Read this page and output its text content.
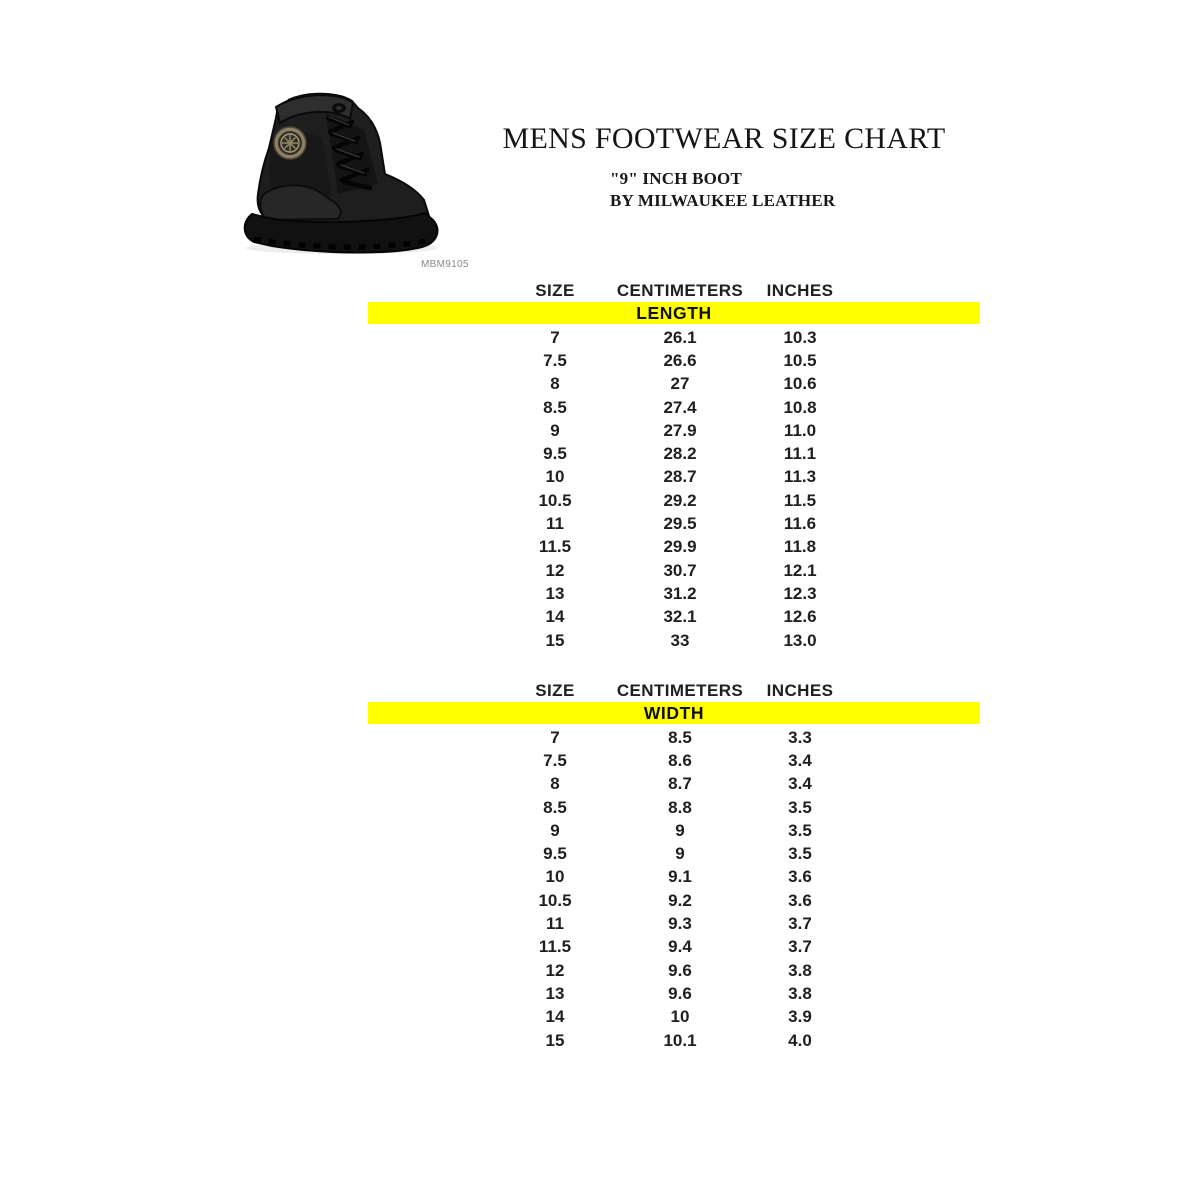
MBM9105
MENS FOOTWEAR SIZE CHART
"9" INCH BOOT
BY MILWAUKEE LEATHER
SIZE	CENTIMETERS	INCHES
LENGTH
7	26.1	10.3
7.5	26.6	10.5
8	27	10.6
8.5	27.4	10.8
9	27.9	11.0
9.5	28.2	11.1
10	28.7	11.3
10.5	29.2	11.5
11	29.5	11.6
11.5	29.9	11.8
12	30.7	12.1
13	31.2	12.3
14	32.1	12.6
15	33	13.0
SIZE	CENTIMETERS	INCHES
WIDTH
7	8.5	3.3
7.5	8.6	3.4
8	8.7	3.4
8.5	8.8	3.5
9	9	3.5
9.5	9	3.5
10	9.1	3.6
10.5	9.2	3.6
11	9.3	3.7
11.5	9.4	3.7
12	9.6	3.8
13	9.6	3.8
14	10	3.9
15	10.1	4.0
